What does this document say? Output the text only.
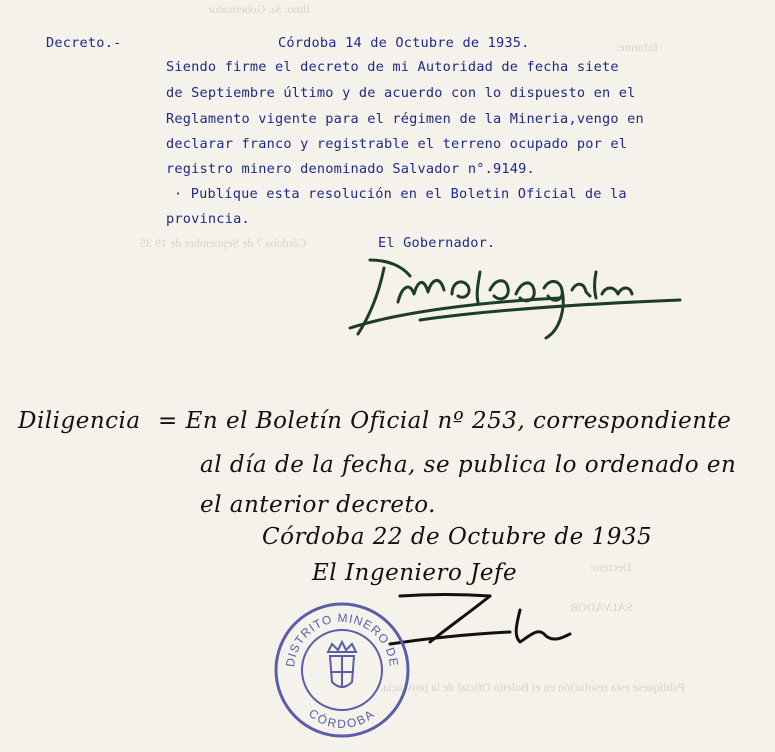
Ilmo. Sr. Gobernador
Informe:
Córdoba 7 de Septiembre de 19 35
Decreto:
SALVADOR
Publíquese esta resolución en el Boletin Oficial de la provincia.
Decreto.-	Córdoba 14 de Octubre de 1935.
Siendo firme el decreto de mi Autoridad de fecha siete
de Septiembre último y de acuerdo con lo dispuesto en el
Reglamento vigente para el régimen de la Mineria,vengo en
declarar franco y registrable el terreno ocupado por el
registro minero denominado Salvador n°.9149.
· Publíque esta resolución en el Boletin Oficial de la
provincia.
El Gobernador.
Diligencia = En el Boletín Oficial nº 253, correspondiente
al día de la fecha, se publica lo ordenado en
el anterior decreto.
Córdoba 22 de Octubre de 1935
El Ingeniero Jefe
DISTRITO MINERO DE
CÓRDOBA
